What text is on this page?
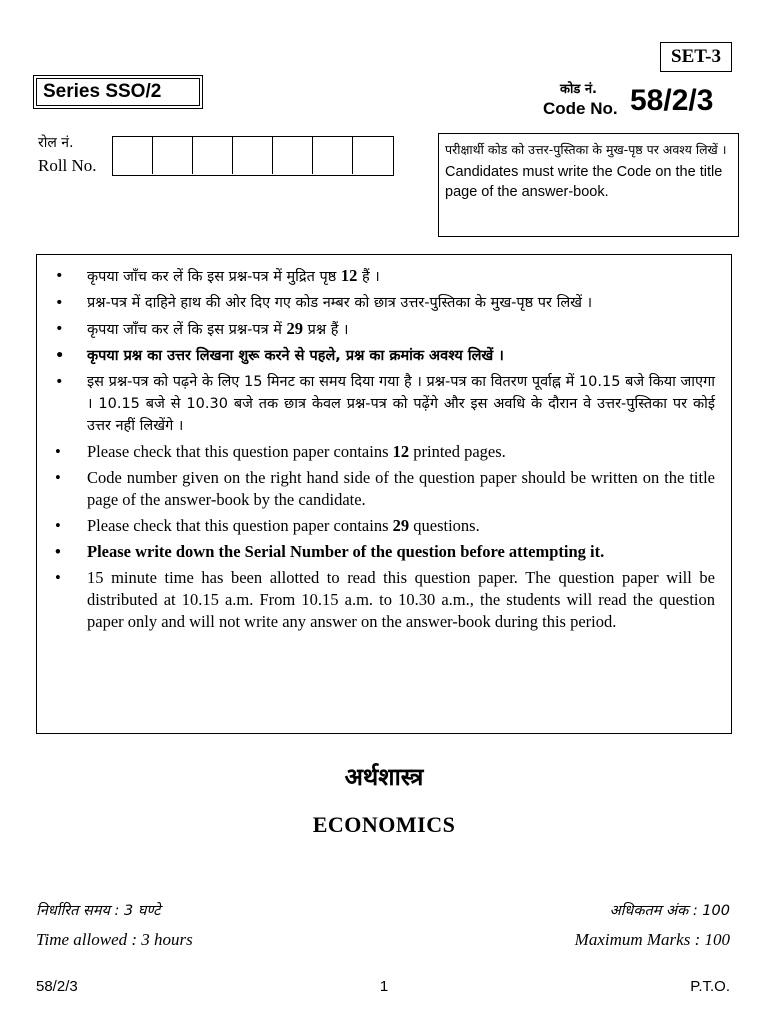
SET-3
Series SSO/2	कोड नं.
Code No. 58/2/3
रोल नं.
Roll No.
परीक्षार्थी कोड को उत्तर-पुस्तिका के मुख-पृष्ठ पर अवश्य लिखें ।
Candidates must write the Code on the title page of the answer-book.
• कृपया जाँच कर लें कि इस प्रश्न-पत्र में मुद्रित पृष्ठ 12 हैं ।
• प्रश्न-पत्र में दाहिने हाथ की ओर दिए गए कोड नम्बर को छात्र उत्तर-पुस्तिका के मुख-पृष्ठ पर लिखें ।
• कृपया जाँच कर लें कि इस प्रश्न-पत्र में 29 प्रश्न हैं ।
• कृपया प्रश्न का उत्तर लिखना शुरू करने से पहले, प्रश्न का क्रमांक अवश्य लिखें ।
• इस प्रश्न-पत्र को पढ़ने के लिए 15 मिनट का समय दिया गया है । प्रश्न-पत्र का वितरण पूर्वाह्न में 10.15 बजे किया जाएगा । 10.15 बजे से 10.30 बजे तक छात्र केवल प्रश्न-पत्र को पढ़ेंगे और इस अवधि के दौरान वे उत्तर-पुस्तिका पर कोई उत्तर नहीं लिखेंगे ।
• Please check that this question paper contains 12 printed pages.
• Code number given on the right hand side of the question paper should be written on the title page of the answer-book by the candidate.
• Please check that this question paper contains 29 questions.
• Please write down the Serial Number of the question before attempting it.
• 15 minute time has been allotted to read this question paper. The question paper will be distributed at 10.15 a.m. From 10.15 a.m. to 10.30 a.m., the students will read the question paper only and will not write any answer on the answer-book during this period.
अर्थशास्त्र
ECONOMICS
निर्धारित समय : 3 घण्टे
Time allowed : 3 hours
अधिकतम अंक : 100
Maximum Marks : 100
58/2/3	1	P.T.O.
